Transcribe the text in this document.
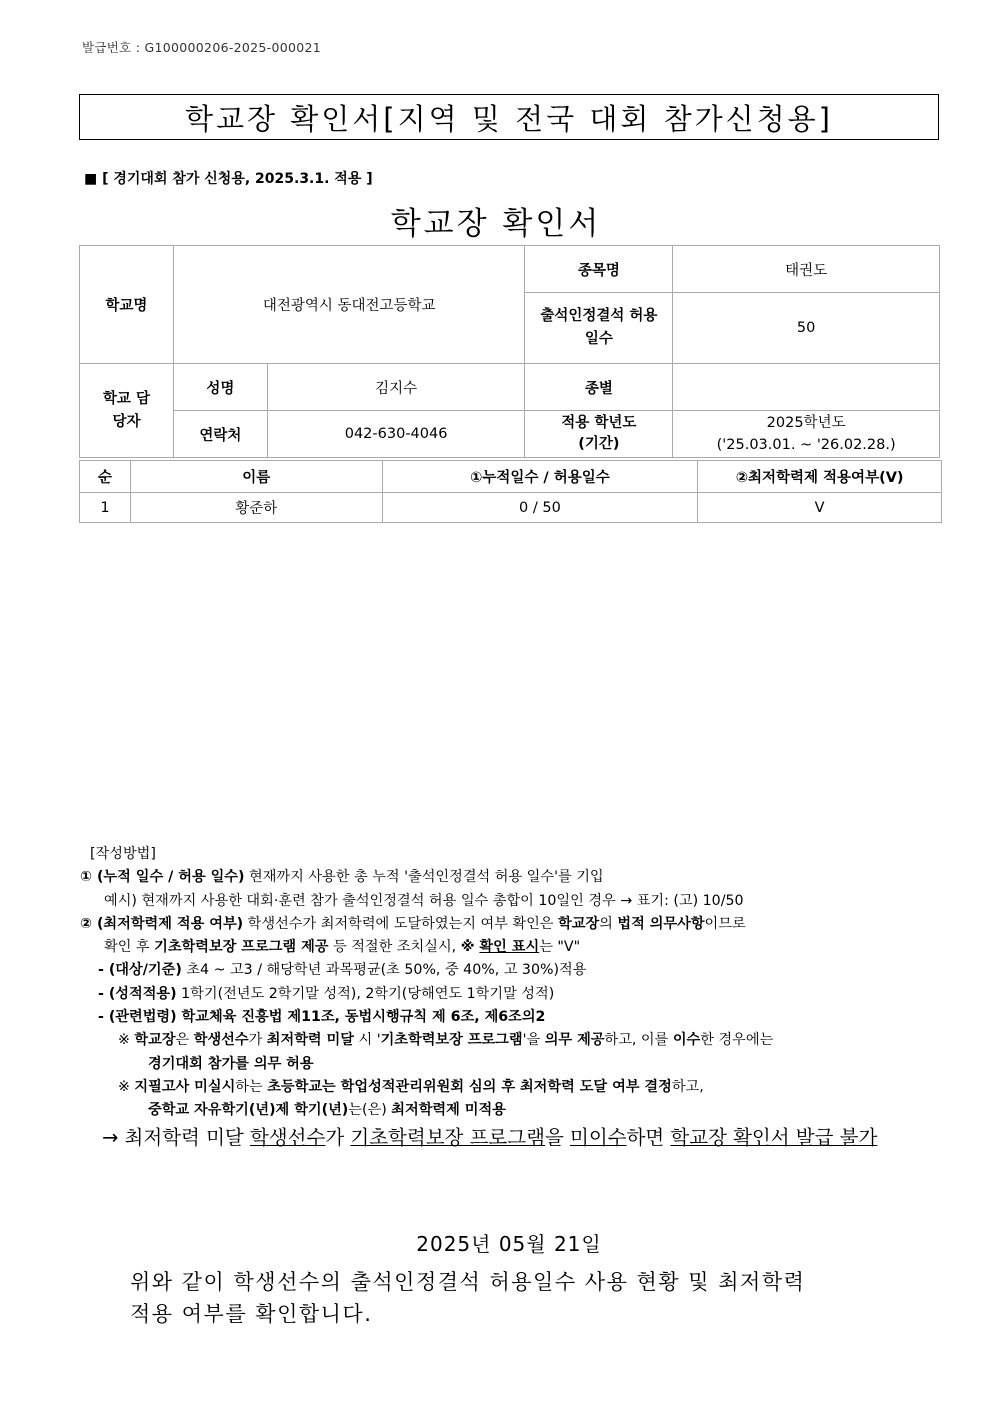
발급번호 : G100000206-2025-000021
학교장 확인서[지역 및 전국 대회 참가신청용]
■ [ 경기대회 참가 신청용, 2025.3.1. 적용 ]
학교장 확인서
학교명	대전광역시 동대전고등학교	종목명	태권도
		출석인정결석 허용일수	50
학교 담당자	성명	김지수	종별	
	연락처	042-630-4046	적용 학년도 (기간)	2025학년도
('25.03.01. ~ '26.02.28.)
순	이름	①누적일수 / 허용일수	②최저학력제 적용여부(V)
1	황준하	0 / 50	V
[작성방법]
① (누적 일수 / 허용 일수) 현재까지 사용한 총 누적 '출석인정결석 허용 일수'를 기입
예시) 현재까지 사용한 대회·훈련 참가 출석인정결석 허용 일수 총합이 10일인 경우 → 표기: (고) 10/50
② (최저학력제 적용 여부) 학생선수가 최저학력에 도달하였는지 여부 확인은 학교장의 법적 의무사항이므로
확인 후 기초학력보장 프로그램 제공 등 적절한 조치실시, ※ 확인 표시는 "V"
- (대상/기준) 초4 ~ 고3 / 해당학년 과목평균(초 50%, 중 40%, 고 30%)적용
- (성적적용) 1학기(전년도 2학기말 성적), 2학기(당해연도 1학기말 성적)
- (관련법령) 학교체육 진흥법 제11조, 동법시행규칙 제 6조, 제6조의2
※ 학교장은 학생선수가 최저학력 미달 시 '기초학력보장 프로그램'을 의무 제공하고, 이를 이수한 경우에는
경기대회 참가를 의무 허용
※ 지필고사 미실시하는 초등학교는 학업성적관리위원회 심의 후 최저학력 도달 여부 결정하고,
중학교 자유학기(년)제 학기(년)는(은) 최저학력제 미적용
→ 최저학력 미달 학생선수가 기초학력보장 프로그램을 미이수하면 학교장 확인서 발급 불가
2025년 05월 21일
위와 같이 학생선수의 출석인정결석 허용일수 사용 현황 및 최저학력
적용 여부를 확인합니다.
